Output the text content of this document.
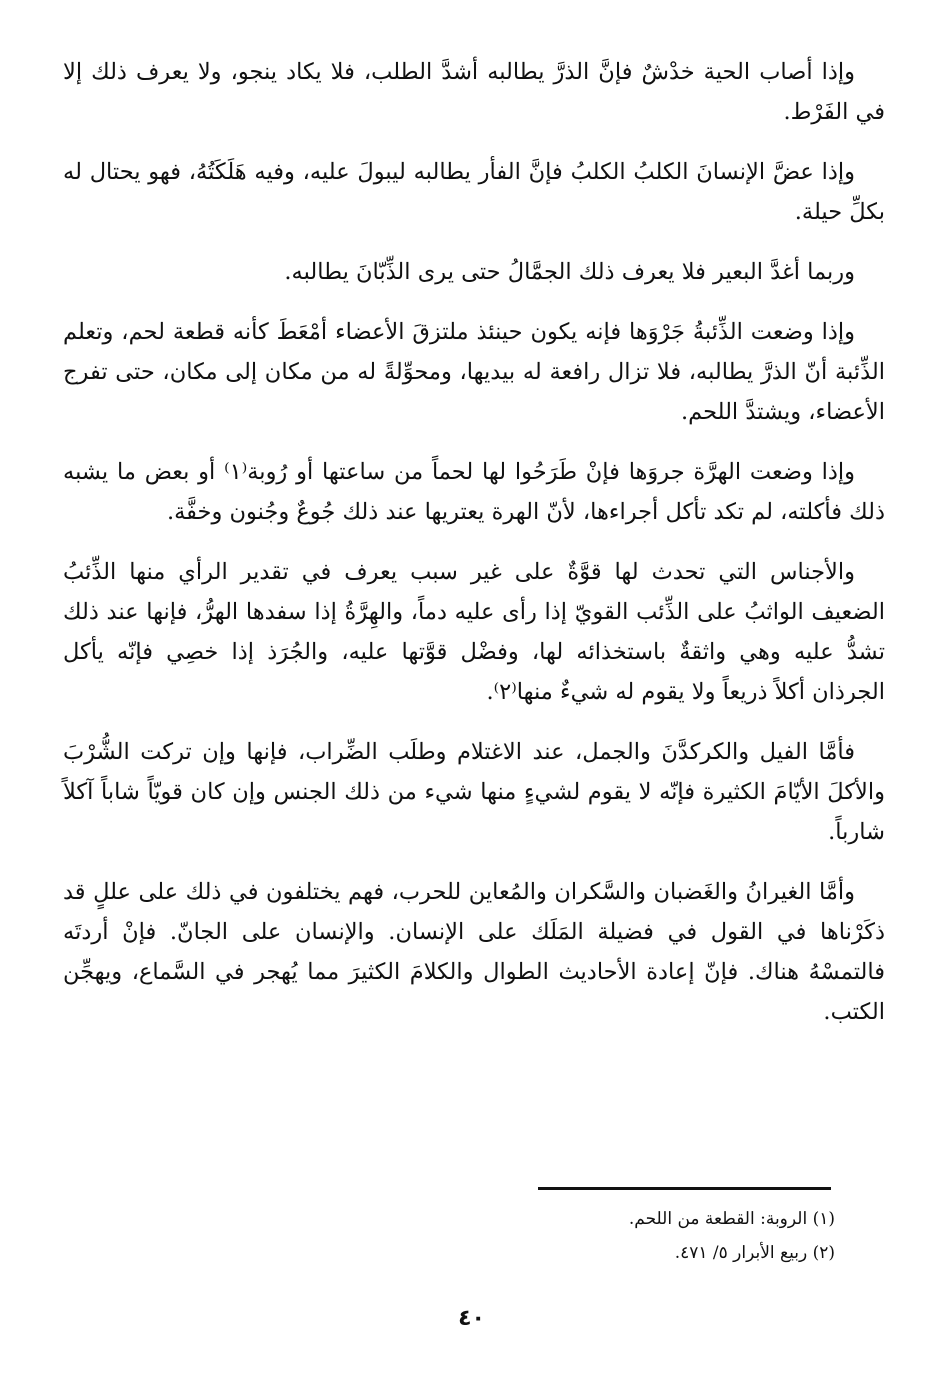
وإذا أصاب الحية خدْشٌ فإنَّ الذرَّ يطالبه أشدَّ الطلب، فلا يكاد ينجو، ولا يعرف ذلك إلا في الفَرْط.

وإذا عضَّ الإنسانَ الكلبُ الكلبُ فإنَّ الفأر يطالبه ليبولَ عليه، وفيه هَلَكَتُهُ، فهو يحتال له بكلِّ حيلة.

وربما أغدَّ البعير فلا يعرف ذلك الجمَّالُ حتى يرى الذِّبّانَ يطالبه.

وإذا وضعت الذِّئبةُ جَرْوَها فإنه يكون حينئذ ملتزقَ الأعضاء أمْعَطَ كأنه قطعة لحم، وتعلم الذِّئبة أنّ الذرَّ يطالبه، فلا تزال رافعة له بيديها، ومحوِّلةً له من مكان إلى مكان، حتى تفرج الأعضاء، ويشتدَّ اللحم.

وإذا وضعت الهرَّة جروَها فإنْ طَرَحُوا لها لحماً من ساعتها أو رُوبة⁽١⁾ أو بعض ما يشبه ذلك فأكلته، لم تكد تأكل أجراءها، لأنّ الهرة يعتريها عند ذلك جُوعٌ وجُنون وخفَّة.

والأجناس التي تحدث لها قوَّةٌ على غير سبب يعرف في تقدير الرأي منها الذِّئبُ الضعيف الواثبُ على الذِّئب القويّ إذا رأى عليه دماً، والهِرَّةُ إذا سفدها الهرُّ، فإنها عند ذلك تشدُّ عليه وهي واثقةٌ باستخذائه لها، وفضْل قوَّتها عليه، والجُرَذ إذا خصِي فإنّه يأكل الجرذان أكلاً ذريعاً ولا يقوم له شيءٌ منها⁽٢⁾.

فأمَّا الفيل والكركدَّنَ والجمل، عند الاغتلام وطلَب الضِّراب، فإنها وإن تركت الشُّرْبَ والأكلَ الأيّامَ الكثيرة فإنّه لا يقوم لشيءٍ منها شيء من ذلك الجنس وإن كان قويّاً شاباً آكلاً شارباً.

وأمَّا الغيرانُ والغَضبان والسَّكران والمُعاين للحرب، فهم يختلفون في ذلك على عللٍ قد ذكَرْناها في القول في فضيلة المَلَك على الإنسان. والإنسان على الجانّ. فإنْ أردتَه فالتمسْهُ هناك. فإنّ إعادة الأحاديث الطوال والكلامَ الكثيرَ مما يُهجر في السَّماع، ويهجِّن الكتب.

(١) الروبة: القطعة من اللحم.

(٢) ربيع الأبرار ٥/ ٤٧١.

٤٠
